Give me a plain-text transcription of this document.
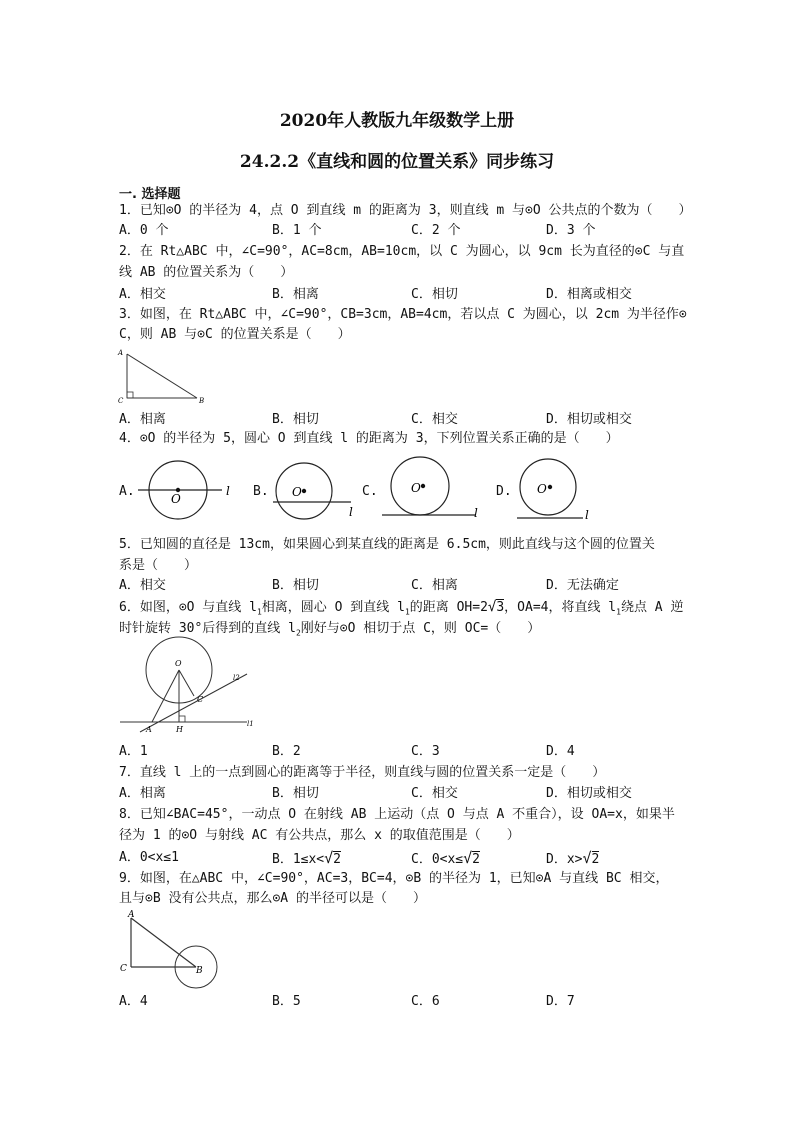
2020年人教版九年级数学上册
24.2.2《直线和圆的位置关系》同步练习
一. 选择题
1．已知⊙O 的半径为 4，点 O 到直线 m 的距离为 3，则直线 m 与⊙O 公共点的个数为（　　）
A．0 个	B．1 个	C．2 个	D．3 个
2．在 Rt△ABC 中，∠C=90°，AC=8cm，AB=10cm，以 C 为圆心，以 9cm 长为直径的⊙C 与直
线 AB 的位置关系为（　　）
A．相交	B．相离	C．相切	D．相离或相交
3．如图，在 Rt△ABC 中，∠C=90°，CB=3cm，AB=4cm，若以点 C 为圆心，以 2cm 为半径作⊙
C，则 AB 与⊙C 的位置关系是（　　）
A
C	B
A．相离	B．相切	C．相交	D．相切或相交
4．⊙O 的半径为 5，圆心 O 到直线 l 的距离为 3，下列位置关系正确的是（　　）
A.	O
l B. O
l
C.	O
l
D. O
l
5．已知圆的直径是 13cm，如果圆心到某直线的距离是 6.5cm，则此直线与这个圆的位置关
系是（　　）
A．相交	B．相切	C．相离	D．无法确定
6．如图，⊙O 与直线 $l_1$相离，圆心 O 到直线 $l_1$的距离 OH=2√3，OA=4，将直线 $l_1$绕点 A 逆
时针旋转 30°后得到的直线 $l_2$刚好与⊙O 相切于点 C，则 OC=（　　）
O
C
A	H
l2
l1
A．1	B．2	C．3	D．4
7．直线 l 上的一点到圆心的距离等于半径，则直线与圆的位置关系一定是（　　）
A．相离	B．相切	C．相交	D．相切或相交
8．已知∠BAC=45°，一动点 O 在射线 AB 上运动（点 O 与点 A 不重合），设 OA=x，如果半
径为 1 的⊙O 与射线 AC 有公共点，那么 x 的取值范围是（　　）
A．0<x≤1	B．1≤x<√2	C．0<x≤√2	D．x>√2
9．如图，在△ABC 中，∠C=90°，AC=3，BC=4，⊙B 的半径为 1，已知⊙A 与直线 BC 相交，
且与⊙B 没有公共点，那么⊙A 的半径可以是（　　）
A
C	B
A．4	B．5	C．6	D．7
